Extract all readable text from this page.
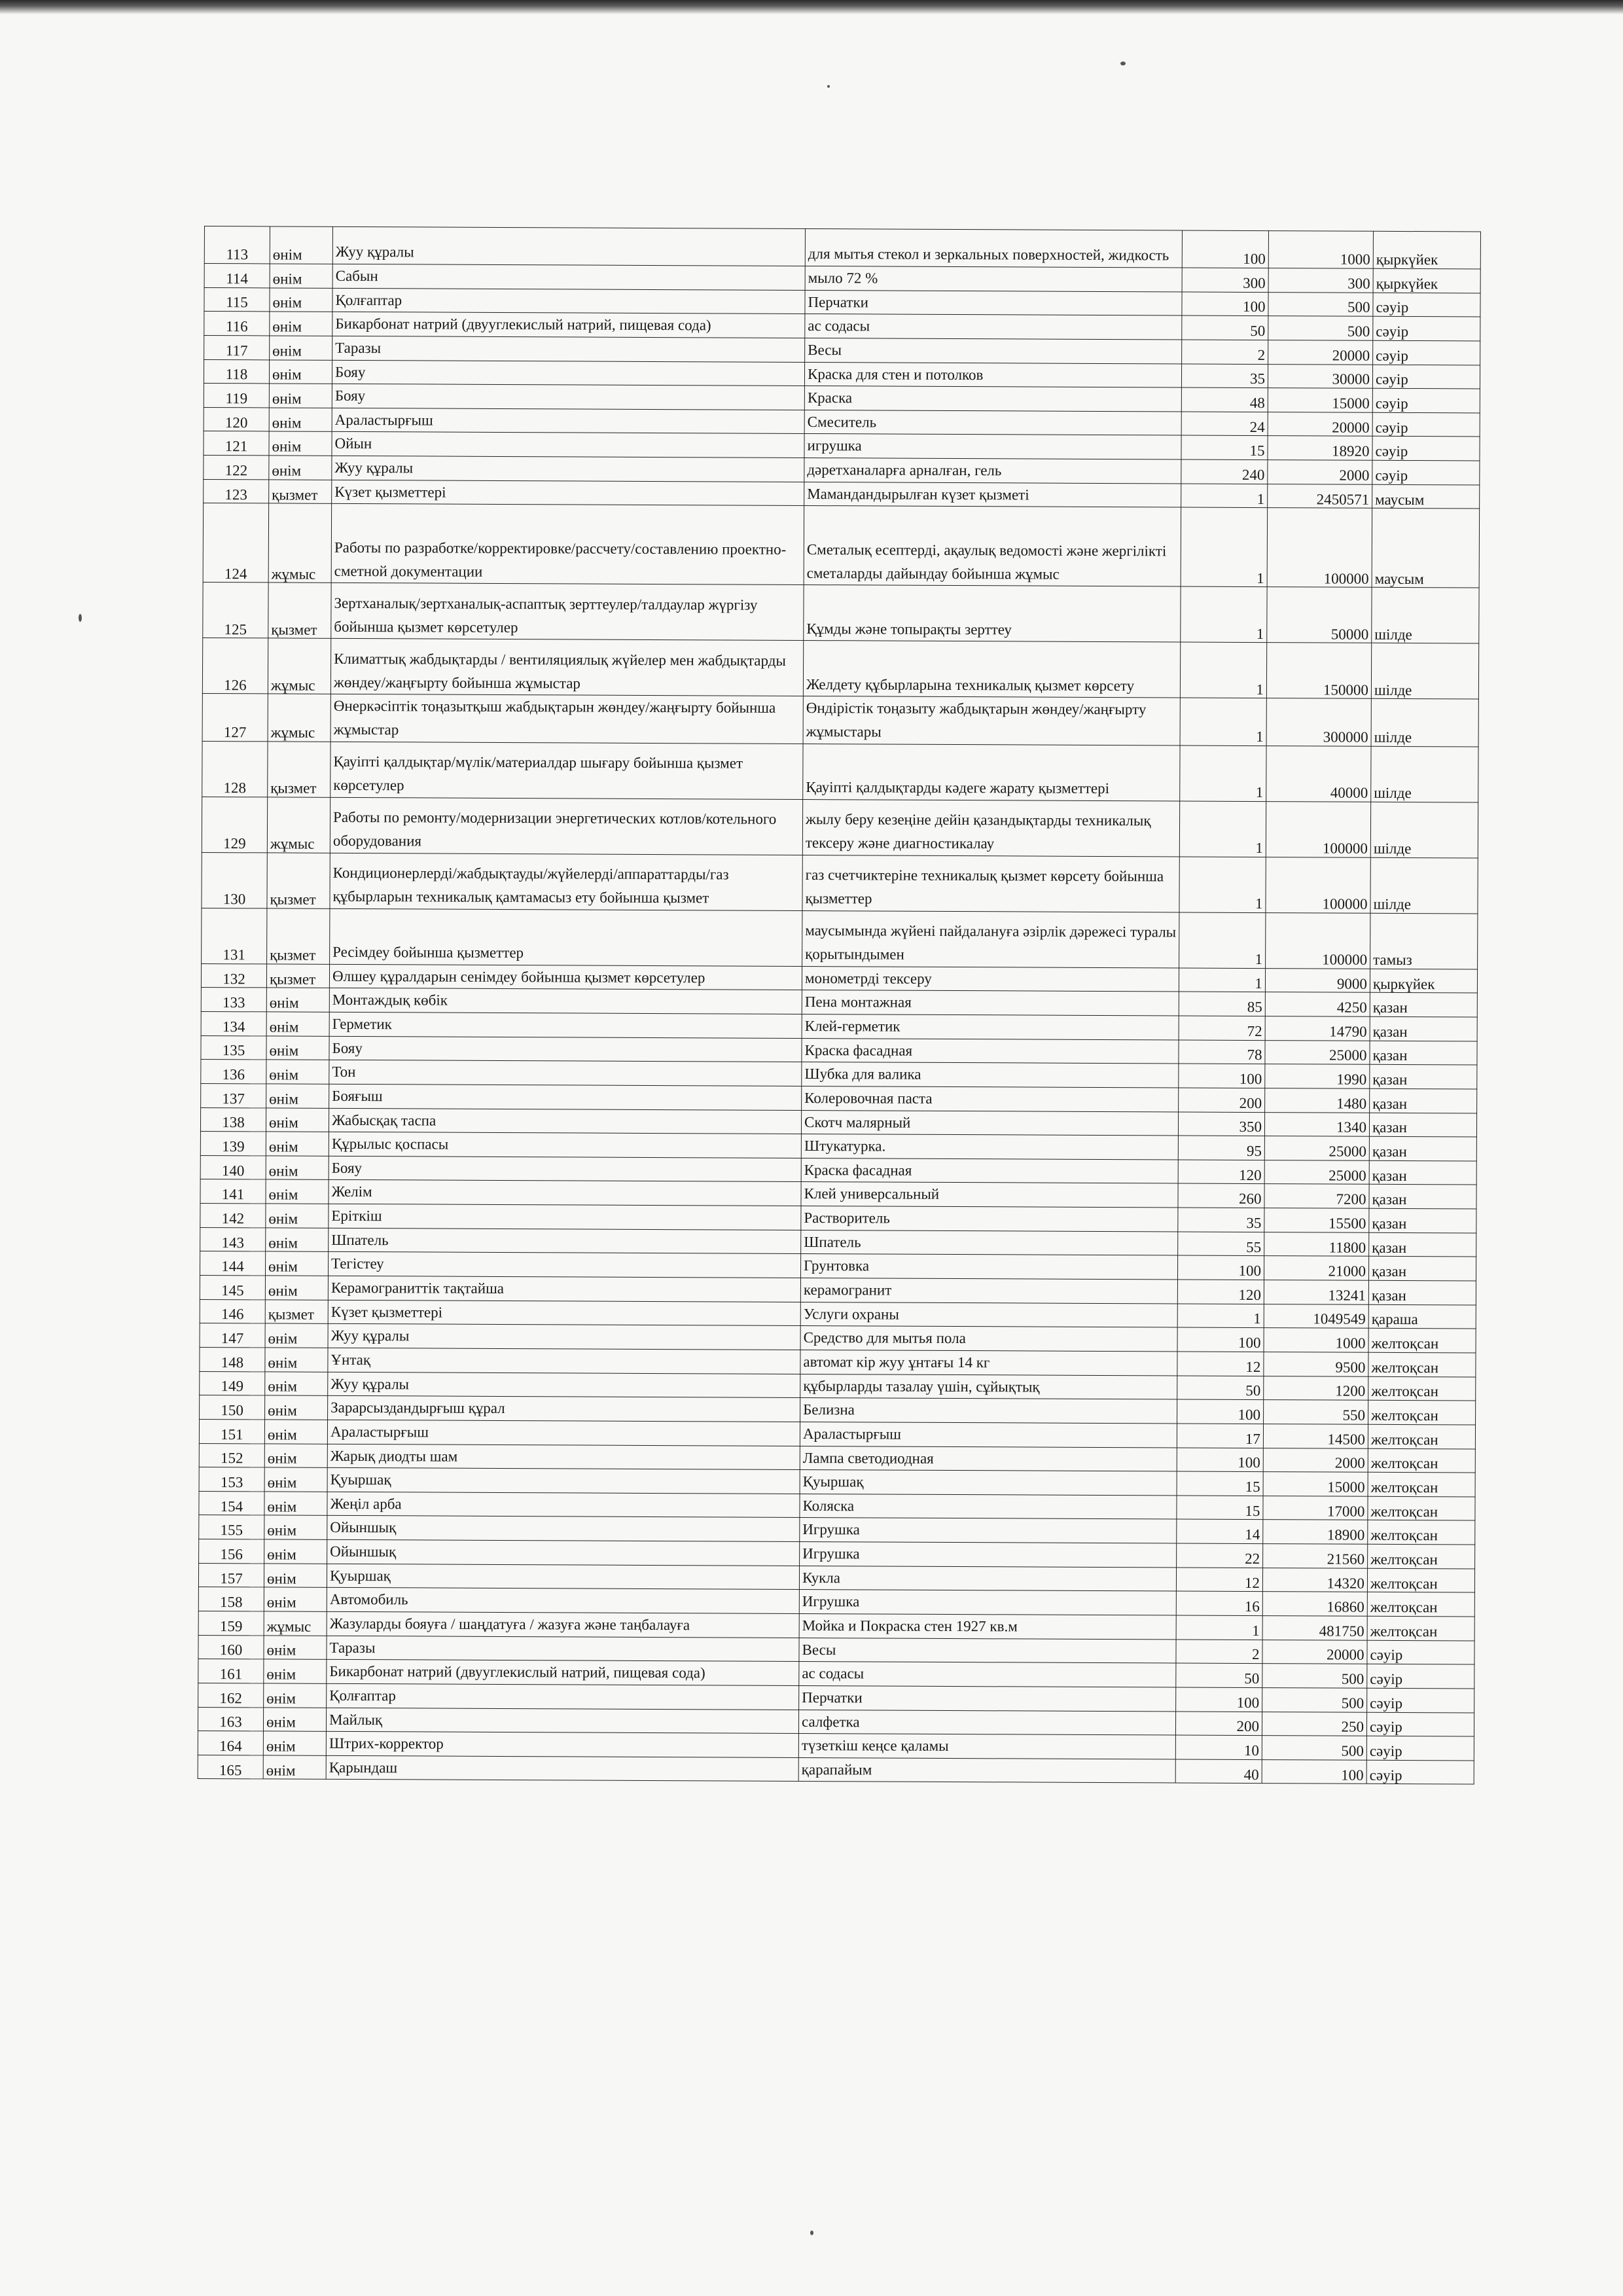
113	өнім	Жуу құралы	для мытья стекол и зеркальных поверхностей, жидкость	100	1000	қыркүйек
114	өнім	Сабын	мыло 72 %	300	300	қыркүйек
115	өнім	Қолғаптар	Перчатки	100	500	сәуір
116	өнім	Бикарбонат натрий (двууглекислый натрий, пищевая сода)	ас содасы	50	500	сәуір
117	өнім	Таразы	Весы	2	20000	сәуір
118	өнім	Бояу	Краска для стен и потолков	35	30000	сәуір
119	өнім	Бояу	Краска	48	15000	сәуір
120	өнім	Араластырғыш	Смеситель	24	20000	сәуір
121	өнім	Ойын	игрушка	15	18920	сәуір
122	өнім	Жуу құралы	дәретханаларға арналған, гель	240	2000	сәуір
123	қызмет	Күзет қызметтері	Мамандандырылған күзет қызметі	1	2450571	маусым
124	жұмыс	Работы по разработке/корректировке/рассчету/составлению проектно-сметной документации	Сметалық есептерді, ақаулық ведомості және жергілікті сметаларды дайындау бойынша жұмыс	1	100000	маусым
125	қызмет	Зертханалық/зертханалық-аспаптық зерттеулер/талдаулар жүргізу бойынша қызмет көрсетулер	Құмды және топырақты зерттеу	1	50000	шілде
126	жұмыс	Климаттық жабдықтарды / вентиляциялық жүйелер мен жабдықтарды жөндеу/жаңғырту бойынша жұмыстар	Желдету құбырларына техникалық қызмет көрсету	1	150000	шілде
127	жұмыс	Өнеркәсіптік тоңазытқыш жабдықтарын жөндеу/жаңғырту бойынша жұмыстар	Өндірістік тоңазыту жабдықтарын жөндеу/жаңғырту жұмыстары	1	300000	шілде
128	қызмет	Қауіпті қалдықтар/мүлік/материалдар шығару бойынша қызмет көрсетулер	Қауіпті қалдықтарды кәдеге жарату қызметтері	1	40000	шілде
129	жұмыс	Работы по ремонту/модернизации энергетических котлов/котельного оборудования	жылу беру кезеңіне дейін қазандықтарды техникалық тексеру және диагностикалау	1	100000	шілде
130	қызмет	Кондиционерлерді/жабдықтауды/жүйелерді/аппараттарды/газ құбырларын техникалық қамтамасыз ету бойынша қызмет	газ счетчиктеріне техникалық қызмет көрсету бойынша қызметтер	1	100000	шілде
131	қызмет	Ресімдеу бойынша қызметтер	маусымында жүйені пайдалануға әзірлік дәрежесі туралы қорытындымен	1	100000	тамыз
132	қызмет	Өлшеу құралдарын сенімдеу бойынша қызмет көрсетулер	монометрді тексеру	1	9000	қыркүйек
133	өнім	Монтаждық көбік	Пена монтажная	85	4250	қазан
134	өнім	Герметик	Клей-герметик	72	14790	қазан
135	өнім	Бояу	Краска фасадная	78	25000	қазан
136	өнім	Тон	Шубка для валика	100	1990	қазан
137	өнім	Бояғыш	Колеровочная паста	200	1480	қазан
138	өнім	Жабысқақ таспа	Скотч малярный	350	1340	қазан
139	өнім	Құрылыс қоспасы	Штукатурка.	95	25000	қазан
140	өнім	Бояу	Краска фасадная	120	25000	қазан
141	өнім	Желім	Клей универсальный	260	7200	қазан
142	өнім	Еріткіш	Растворитель	35	15500	қазан
143	өнім	Шпатель	Шпатель	55	11800	қазан
144	өнім	Тегістеу	Грунтовка	100	21000	қазан
145	өнім	Керамограниттік тақтайша	керамогранит	120	13241	қазан
146	қызмет	Күзет қызметтері	Услуги охраны	1	1049549	қараша
147	өнім	Жуу құралы	Средство для мытья пола	100	1000	желтоқсан
148	өнім	Ұнтақ	автомат кір жуу ұнтағы 14 кг	12	9500	желтоқсан
149	өнім	Жуу құралы	құбырларды тазалау үшін, сұйықтық	50	1200	желтоқсан
150	өнім	Зарарсыздандырғыш құрал	Белизна	100	550	желтоқсан
151	өнім	Араластырғыш	Араластырғыш	17	14500	желтоқсан
152	өнім	Жарық диодты шам	Лампа светодиодная	100	2000	желтоқсан
153	өнім	Қуыршақ	Қуыршақ	15	15000	желтоқсан
154	өнім	Жеңіл арба	Коляска	15	17000	желтоқсан
155	өнім	Ойыншық	Игрушка	14	18900	желтоқсан
156	өнім	Ойыншық	Игрушка	22	21560	желтоқсан
157	өнім	Қуыршақ	Кукла	12	14320	желтоқсан
158	өнім	Автомобиль	Игрушка	16	16860	желтоқсан
159	жұмыс	Жазуларды бояуға / шаңдатуға / жазуға және таңбалауға	Мойка и Покраска стен 1927 кв.м	1	481750	желтоқсан
160	өнім	Таразы	Весы	2	20000	сәуір
161	өнім	Бикарбонат натрий (двууглекислый натрий, пищевая сода)	ас содасы	50	500	сәуір
162	өнім	Қолғаптар	Перчатки	100	500	сәуір
163	өнім	Майлық	салфетка	200	250	сәуір
164	өнім	Штрих-корректор	түзеткіш кеңсе қаламы	10	500	сәуір
165	өнім	Қарындаш	қарапайым	40	100	сәуір
